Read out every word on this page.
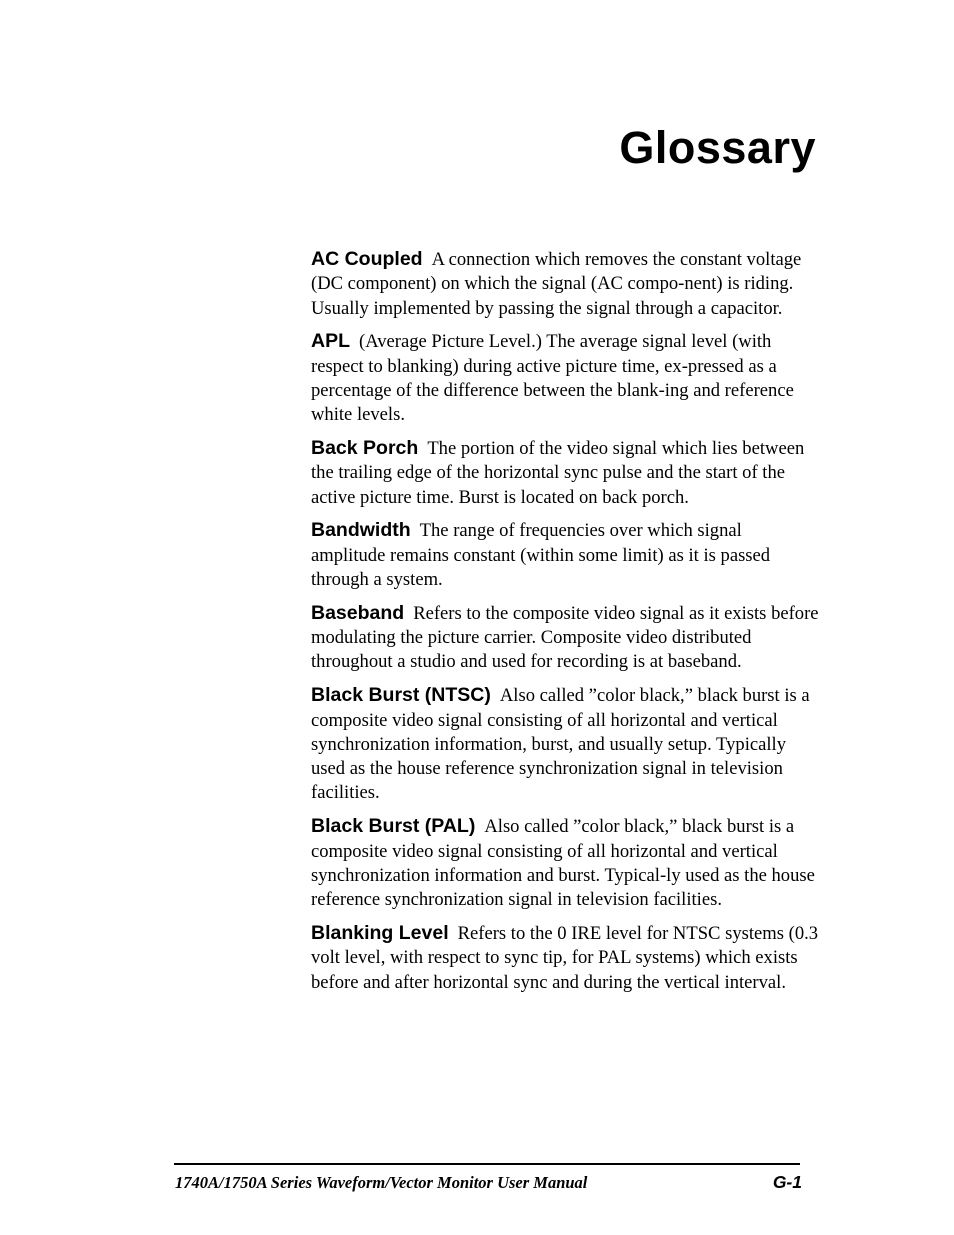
Glossary

AC Coupled A connection which removes the constant voltage (DC component) on which the signal (AC compo-nent) is riding. Usually implemented by passing the signal through a capacitor.

APL (Average Picture Level.) The average signal level (with respect to blanking) during active picture time, ex-pressed as a percentage of the difference between the blank-ing and reference white levels.

Back Porch The portion of the video signal which lies between the trailing edge of the horizontal sync pulse and the start of the active picture time. Burst is located on back porch.

Bandwidth The range of frequencies over which signal amplitude remains constant (within some limit) as it is passed through a system.

Baseband Refers to the composite video signal as it exists before modulating the picture carrier. Composite video distributed throughout a studio and used for recording is at baseband.

Black Burst (NTSC) Also called ”color black,” black burst is a composite video signal consisting of all horizontal and vertical synchronization information, burst, and usually setup. Typically used as the house reference synchronization signal in television facilities.

Black Burst (PAL) Also called ”color black,” black burst is a composite video signal consisting of all horizontal and vertical synchronization information and burst. Typical-ly used as the house reference synchronization signal in television facilities.

Blanking Level Refers to the 0 IRE level for NTSC systems (0.3 volt level, with respect to sync tip, for PAL systems) which exists before and after horizontal sync and during the vertical interval.

1740A/1750A Series Waveform/Vector Monitor User Manual	G-1
